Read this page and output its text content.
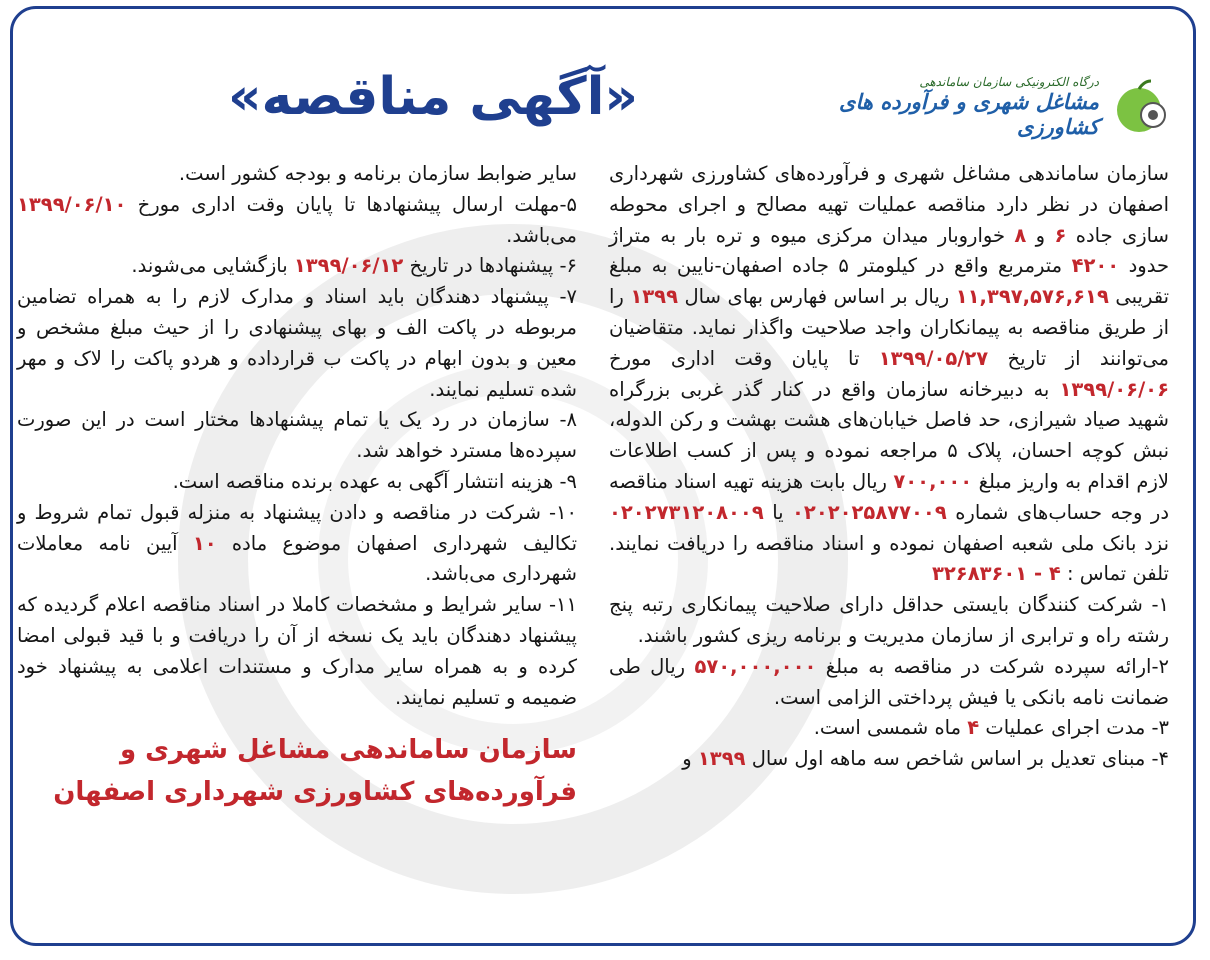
درگاه الکترونیکی سازمان ساماندهی
مشاغل شهری و فرآورده های کشاورزی
«آگهی مناقصه»

سازمان ساماندهی مشاغل شهری و فرآورده‌های کشاورزی شهرداری اصفهان در نظر دارد مناقصه عملیات تهیه مصالح و اجرای محوطه سازی جاده ۶ و ۸ خواروبار میدان مرکزی میوه و تره بار به متراژ حدود ۴۲۰۰ مترمربع واقع در کیلومتر ۵ جاده اصفهان-نایین به مبلغ تقریبی ۱۱,۳۹۷,۵۷۶,۶۱۹ ریال بر اساس فهارس بهای سال ۱۳۹۹ را از طریق مناقصه به پیمانکاران واجد صلاحیت واگذار نماید. متقاضیان می‌توانند از تاریخ ۱۳۹۹/۰۵/۲۷ تا پایان وقت اداری مورخ ۱۳۹۹/۰۶/۰۶ به دبیرخانه سازمان واقع در کنار گذر غربی بزرگراه شهید صیاد شیرازی، حد فاصل خیابان‌های هشت بهشت و رکن الدوله، نبش کوچه احسان، پلاک ۵ مراجعه نموده و پس از کسب اطلاعات لازم اقدام به واریز مبلغ ۷۰۰,۰۰۰ ریال بابت هزینه تهیه اسناد مناقصه در وجه حساب‌های شماره ۰۲۰۲۰۲۵۸۷۷۰۰۹ یا ۰۲۰۲۷۳۱۲۰۸۰۰۹ نزد بانک ملی شعبه اصفهان نموده و اسناد مناقصه را دریافت نمایند. تلفن تماس : ۴ - ۳۲۶۸۳۶۰۱

۱- شرکت کنندگان بایستی حداقل دارای صلاحیت پیمانکاری رتبه پنج رشته راه و ترابری از سازمان مدیریت و برنامه ریزی کشور باشند.

۲-ارائه سپرده شرکت در مناقصه به مبلغ ۵۷۰,۰۰۰,۰۰۰ ریال طی ضمانت نامه بانکی یا فیش پرداختی الزامی است.

۳- مدت اجرای عملیات ۴ ماه شمسی است.

۴- مبنای تعدیل بر اساس شاخص سه ماهه اول سال ۱۳۹۹ و

سایر ضوابط سازمان برنامه و بودجه کشور است.

۵-مهلت ارسال پیشنهادها تا پایان وقت اداری مورخ ۱۳۹۹/۰۶/۱۰ می‌باشد.

۶- پیشنهادها در تاریخ ۱۳۹۹/۰۶/۱۲ بازگشایی می‌شوند.

۷- پیشنهاد دهندگان باید اسناد و مدارک لازم را به همراه تضامین مربوطه در پاکت الف و بهای پیشنهادی را از حیث مبلغ مشخص و معین و بدون ابهام در پاکت ب قرارداده و هردو پاکت را لاک و مهر شده تسلیم نمایند.

۸- سازمان در رد یک یا تمام پیشنهادها مختار است در این صورت سپرده‌ها مسترد خواهد شد.

۹- هزینه انتشار آگهی به عهده برنده مناقصه است.

۱۰- شرکت در مناقصه و دادن پیشنهاد به منزله قبول تمام شروط و تکالیف شهرداری اصفهان موضوع ماده ۱۰ آیین نامه معاملات شهرداری می‌باشد.

۱۱- سایر شرایط و مشخصات کاملا در اسناد مناقصه اعلام گردیده که پیشنهاد دهندگان باید یک نسخه از آن را دریافت و با قید قبولی امضا کرده و به همراه سایر مدارک و مستندات اعلامی به پیشنهاد خود ضمیمه و تسلیم نمایند.

سازمان ساماندهی مشاغل شهری و فرآورده‌های کشاورزی شهرداری اصفهان
